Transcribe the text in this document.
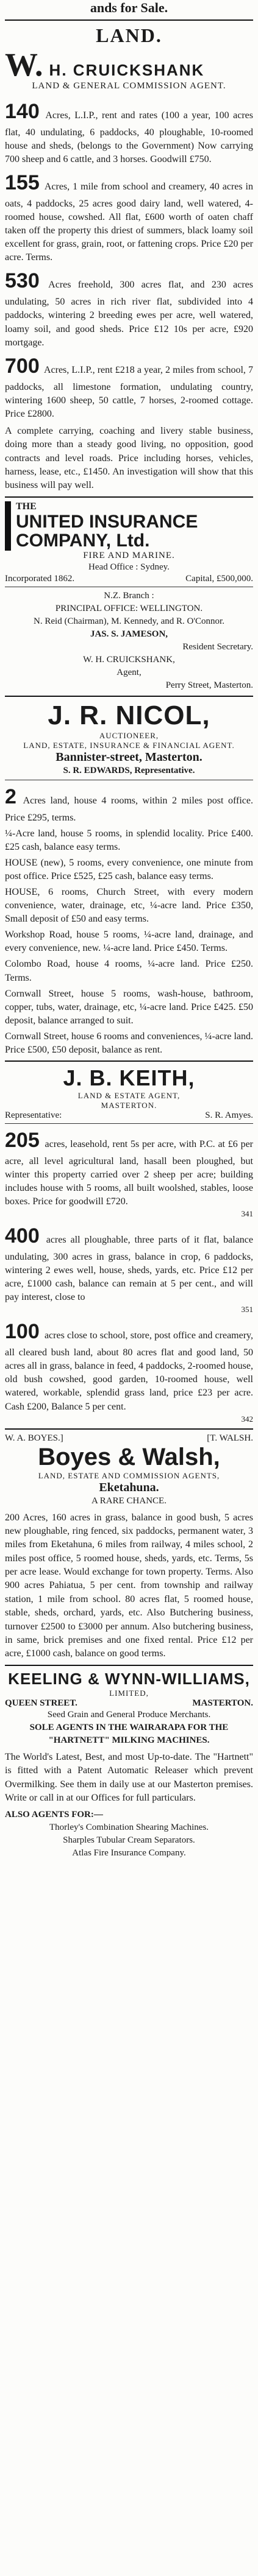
ands for Sale.
LAND.
W. H. CRUICKSHANK
LAND & GENERAL COMMISSION AGENT.
140 Acres, L.I.P., rent and rates (100 a year, 100 acres flat, 40 undulating, 6 paddocks, 40 ploughable, 10-roomed house and sheds, (belongs to the Government) Now carrying 700 sheep and 6 cattle, and 3 horses. Goodwill £750.
155 Acres, 1 mile from school and creamery, 40 acres in oats, 4 paddocks, 25 acres good dairy land, well watered, 4-roomed house, cowshed. All flat, £600 worth of oaten chaff taken off the property this driest of summers, black loamy soil excellent for grass, grain, root, or fattening crops. Price £20 per acre. Terms.
530 Acres freehold, 300 acres flat, and 230 acres undulating, 50 acres in rich river flat, subdivided into 4 paddocks, wintering 2 breeding ewes per acre, well watered, loamy soil, and good sheds. Price £12 10s per acre, £920 mortgage.
700 Acres, L.I.P., rent £218 a year, 2 miles from school, 7 paddocks, all limestone formation, undulating country, wintering 1600 sheep, 50 cattle, 7 horses, 2-roomed cottage. Price £2800.
A complete carrying, coaching and livery stable business, doing more than a steady good living, no opposition, good contracts and level roads. Price including horses, vehicles, harness, lease, etc., £1450. An investigation will show that this business will pay well.
THE
UNITED INSURANCE COMPANY, Ltd.
FIRE AND MARINE.
Head Office : Sydney.
Incorporated 1862.	Capital, £500,000.
N.Z. Branch :
PRINCIPAL OFFICE: WELLINGTON.
N. Reid (Chairman), M. Kennedy, and R. O'Connor.
JAS. S. JAMESON,
Resident Secretary.
W. H. CRUICKSHANK,
Agent,
Perry Street, Masterton.
J. R. NICOL,
AUCTIONEER,
LAND, ESTATE, INSURANCE & FINANCIAL AGENT.
Bannister-street, Masterton.
S. R. EDWARDS, Representative.
2 Acres land, house 4 rooms, within 2 miles post office. Price £295, terms.
¼-Acre land, house 5 rooms, in splendid locality. Price £400. £25 cash, balance easy terms.
HOUSE (new), 5 rooms, every convenience, one minute from post office. Price £525, £25 cash, balance easy terms.
HOUSE, 6 rooms, Church Street, with every modern convenience, water, drainage, etc, ¼-acre land. Price £350, Small deposit of £50 and easy terms.
Workshop Road, house 5 rooms, ¼-acre land, drainage, and every convenience, new. ¼-acre land. Price £450. Terms.
Colombo Road, house 4 rooms, ¼-acre land. Price £250. Terms.
Cornwall Street, house 5 rooms, wash-house, bathroom, copper, tubs, water, drainage, etc, ¼-acre land. Price £425. £50 deposit, balance arranged to suit.
Cornwall Street, house 6 rooms and conveniences, ¼-acre land. Price £500, £50 deposit, balance as rent.
J. B. KEITH,
LAND & ESTATE AGENT,
MASTERTON.
Representative:	S. R. Amyes.
205 acres, leasehold, rent 5s per acre, with P.C. at £6 per acre, all level agricultural land, hasall been ploughed, but winter this property carried over 2 sheep per acre; building includes house with 5 rooms, all built woolshed, stables, loose boxes. Price for goodwill £720.
341
400 acres all ploughable, three parts of it flat, balance undulating, 300 acres in grass, balance in crop, 6 paddocks, wintering 2 ewes well, house, sheds, yards, etc. Price £12 per acre, £1000 cash, balance can remain at 5 per cent., and will pay interest, close to
351
100 acres close to school, store, post office and creamery, all cleared bush land, about 80 acres flat and good land, 50 acres all in grass, balance in feed, 4 paddocks, 2-roomed house, old bush cowshed, good garden, 10-roomed house, well watered, workable, splendid grass land, price £23 per acre. Cash £200, Balance 5 per cent.
342
W. A. BOYES.]	[T. WALSH.
Boyes & Walsh,
LAND, ESTATE AND COMMISSION AGENTS,
Eketahuna.
A RARE CHANCE.
200 Acres, 160 acres in grass, balance in good bush, 5 acres new ploughable, ring fenced, six paddocks, permanent water, 3 miles from Eketahuna, 6 miles from railway, 4 miles school, 2 miles post office, 5 roomed house, sheds, yards, etc. Terms, 5s per acre lease. Would exchange for town property. Terms. Also 900 acres Pahiatua, 5 per cent. from township and railway station, 1 mile from school. 80 acres flat, 5 roomed house, stable, sheds, orchard, yards, etc. Also Butchering business, turnover £2500 to £3000 per annum. Also butchering business, in same, brick premises and one fixed rental. Price £12 per acre, £1000 cash, balance on good terms.
KEELING & WYNN-WILLIAMS,
LIMITED,
QUEEN STREET.	MASTERTON.
Seed Grain and General Produce Merchants.
SOLE AGENTS IN THE WAIRARAPA FOR THE "HARTNETT" MILKING MACHINES.
The World's Latest, Best, and most Up-to-date. The "Hartnett" is fitted with a Patent Automatic Releaser which prevent Overmilking. See them in daily use at our Masterton premises. Write or call in at our Offices for full particulars.
ALSO AGENTS FOR:—
Thorley's Combination Shearing Machines.
Sharples Tubular Cream Separators.
Atlas Fire Insurance Company.
